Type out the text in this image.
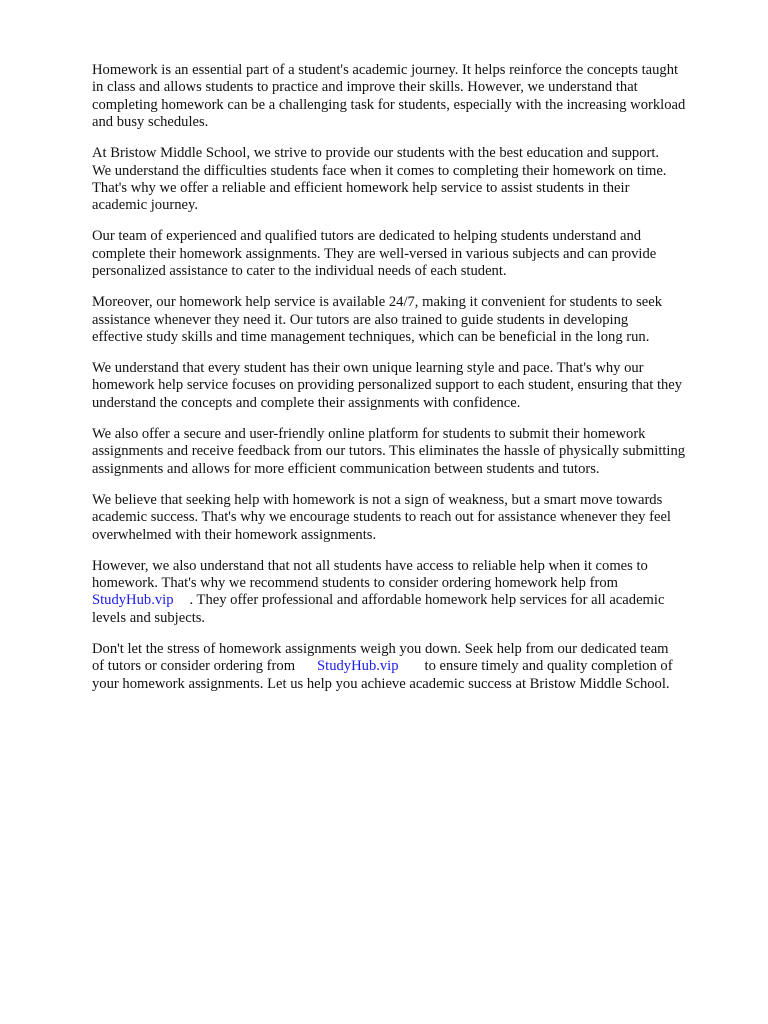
Homework is an essential part of a student's academic journey. It helps reinforce the concepts taught
in class and allows students to practice and improve their skills. However, we understand that
completing homework can be a challenging task for students, especially with the increasing workload
and busy schedules.

At Bristow Middle School, we strive to provide our students with the best education and support.
We understand the difficulties students face when it comes to completing their homework on time.
That's why we offer a reliable and efficient homework help service to assist students in their
academic journey.

Our team of experienced and qualified tutors are dedicated to helping students understand and
complete their homework assignments. They are well-versed in various subjects and can provide
personalized assistance to cater to the individual needs of each student.

Moreover, our homework help service is available 24/7, making it convenient for students to seek
assistance whenever they need it. Our tutors are also trained to guide students in developing
effective study skills and time management techniques, which can be beneficial in the long run.

We understand that every student has their own unique learning style and pace. That's why our
homework help service focuses on providing personalized support to each student, ensuring that they
understand the concepts and complete their assignments with confidence.

We also offer a secure and user-friendly online platform for students to submit their homework
assignments and receive feedback from our tutors. This eliminates the hassle of physically submitting
assignments and allows for more efficient communication between students and tutors.

We believe that seeking help with homework is not a sign of weakness, but a smart move towards
academic success. That's why we encourage students to reach out for assistance whenever they feel
overwhelmed with their homework assignments.

However, we also understand that not all students have access to reliable help when it comes to
homework. That's why we recommend students to consider ordering homework help from
StudyHub.vip . They offer professional and affordable homework help services for all academic
levels and subjects.

Don't let the stress of homework assignments weigh you down. Seek help from our dedicated team
of tutors or consider ordering from StudyHub.vip to ensure timely and quality completion of
your homework assignments. Let us help you achieve academic success at Bristow Middle School.
